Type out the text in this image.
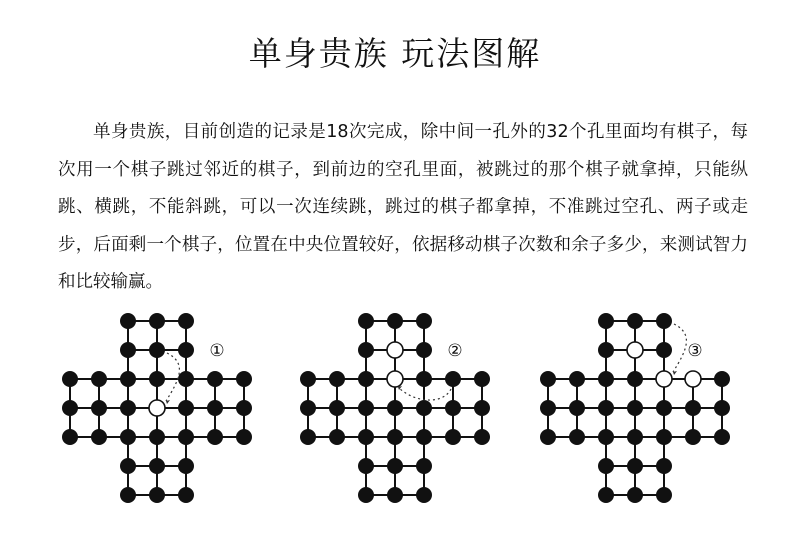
单身贵族 玩法图解
单身贵族，目前创造的记录是18次完成，除中间一孔外的32个孔里面均有棋子，每次用一个棋子跳过邻近的棋子，到前边的空孔里面，被跳过的那个棋子就拿掉，只能纵跳、横跳，不能斜跳，可以一次连续跳，跳过的棋子都拿掉，不准跳过空孔、两子或走步，后面剩一个棋子，位置在中央位置较好，依据移动棋子次数和余子多少，来测试智力和比较输赢。
①	②	③
